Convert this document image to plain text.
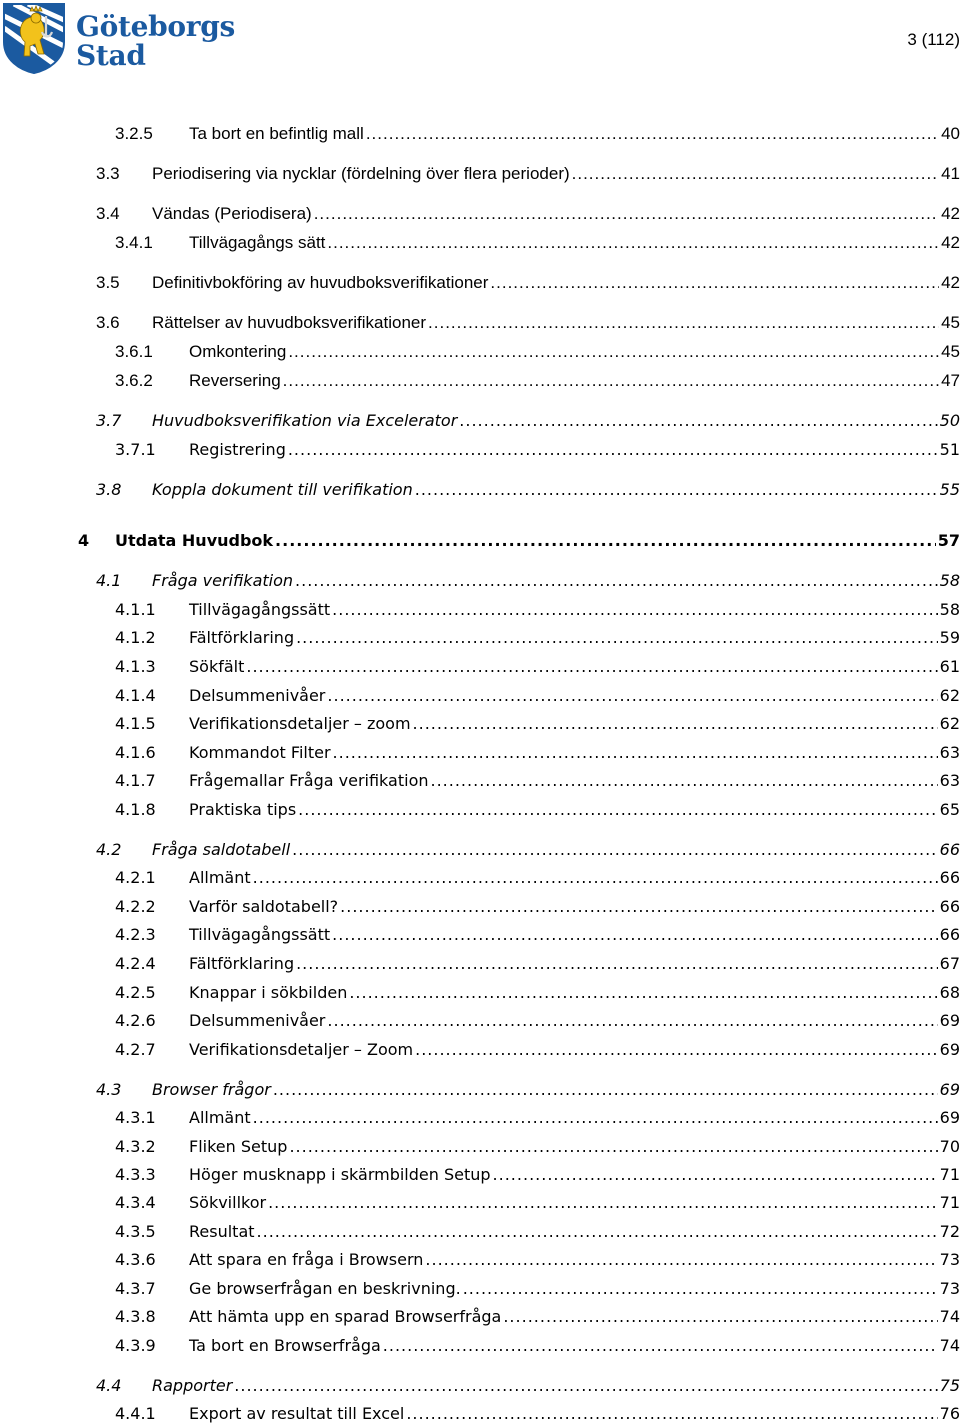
Göteborgs
Stad	3 (112)
3.2.5 Ta bort en befintlig mall .....	40
3.3 Periodisering via nycklar (fördelning över flera perioder) .....	41
3.4 Vändas (Periodisera) .....	42
3.4.1 Tillvägagångs sätt .....	42
3.5 Definitivbokföring av huvudboksverifikationer .....	42
3.6 Rättelser av huvudboksverifikationer .....	45
3.6.1 Omkontering .....	45
3.6.2 Reversering .....	47
3.7 Huvudboksverifikation via Excelerator .....	50
3.7.1 Registrering .....	51
3.8 Koppla dokument till verifikation .....	55
4 Utdata Huvudbok .....	57
4.1 Fråga verifikation .....	58
4.1.1 Tillvägagångssätt .....	58
4.1.2 Fältförklaring .....	59
4.1.3 Sökfält .....	61
4.1.4 Delsummenivåer .....	62
4.1.5 Verifikationsdetaljer – zoom .....	62
4.1.6 Kommandot Filter .....	63
4.1.7 Frågemallar Fråga verifikation .....	63
4.1.8 Praktiska tips .....	65
4.2 Fråga saldotabell .....	66
4.2.1 Allmänt .....	66
4.2.2 Varför saldotabell? .....	66
4.2.3 Tillvägagångssätt .....	66
4.2.4 Fältförklaring .....	67
4.2.5 Knappar i sökbilden .....	68
4.2.6 Delsummenivåer .....	69
4.2.7 Verifikationsdetaljer – Zoom .....	69
4.3 Browser frågor .....	69
4.3.1 Allmänt .....	69
4.3.2 Fliken Setup .....	70
4.3.3 Höger musknapp i skärmbilden Setup .....	71
4.3.4 Sökvillkor .....	71
4.3.5 Resultat .....	72
4.3.6 Att spara en fråga i Browsern .....	73
4.3.7 Ge browserfrågan en beskrivning. .....	73
4.3.8 Att hämta upp en sparad Browserfråga .....	74
4.3.9 Ta bort en Browserfråga .....	74
4.4 Rapporter .....	75
4.4.1 Export av resultat till Excel .....	76
